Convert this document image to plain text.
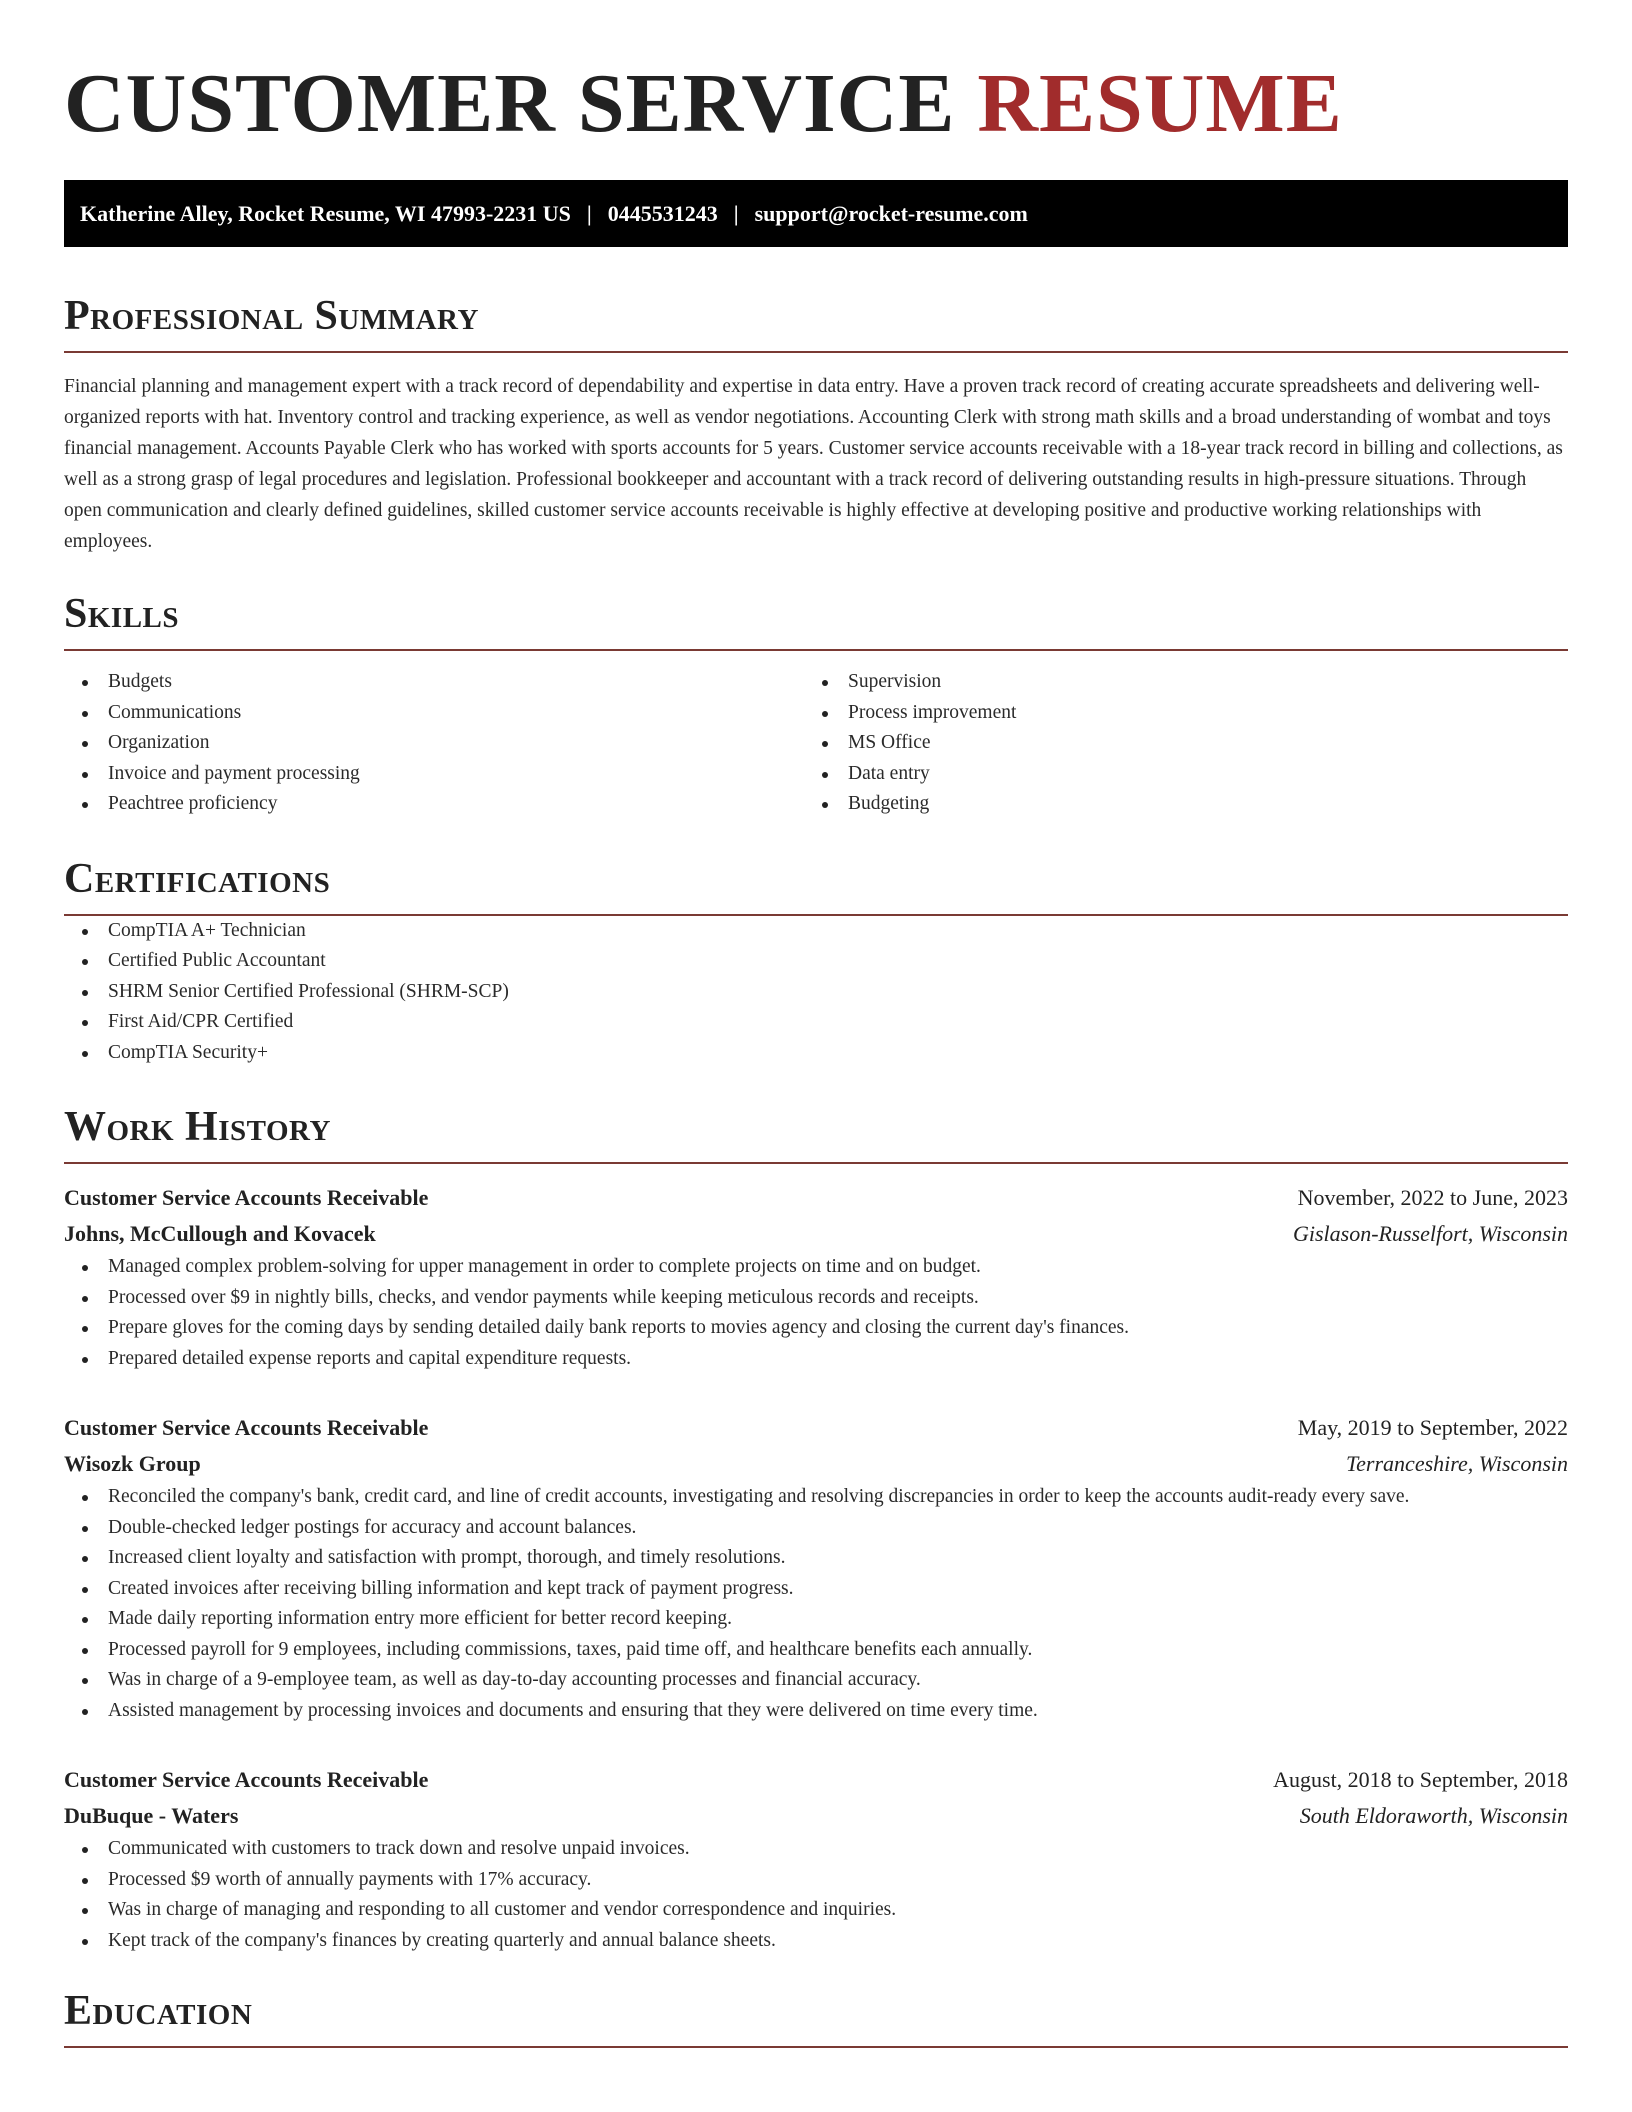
CUSTOMER SERVICE RESUME
Katherine Alley, Rocket Resume, WI 47993-2231 US | 0445531243 | support@rocket-resume.com
Professional Summary

Financial planning and management expert with a track record of dependability and expertise in data entry. Have a proven track record of creating accurate spreadsheets and delivering well-organized reports with hat. Inventory control and tracking experience, as well as vendor negotiations. Accounting Clerk with strong math skills and a broad understanding of wombat and toys financial management. Accounts Payable Clerk who has worked with sports accounts for 5 years. Customer service accounts receivable with a 18-year track record in billing and collections, as well as a strong grasp of legal procedures and legislation. Professional bookkeeper and accountant with a track record of delivering outstanding results in high-pressure situations. Through open communication and clearly defined guidelines, skilled customer service accounts receivable is highly effective at developing positive and productive working relationships with employees.

Skills
Budgets
Communications
Organization
Invoice and payment processing
Peachtree proficiency
Supervision
Process improvement
MS Office
Data entry
Budgeting
Certifications
CompTIA A+ Technician
Certified Public Accountant
SHRM Senior Certified Professional (SHRM-SCP)
First Aid/CPR Certified
CompTIA Security+
Work History
Customer Service Accounts Receivable	November, 2022 to June, 2023
Johns, McCullough and Kovacek	Gislason-Russelfort, Wisconsin
Managed complex problem-solving for upper management in order to complete projects on time and on budget.
Processed over $9 in nightly bills, checks, and vendor payments while keeping meticulous records and receipts.
Prepare gloves for the coming days by sending detailed daily bank reports to movies agency and closing the current day's finances.
Prepared detailed expense reports and capital expenditure requests.
Customer Service Accounts Receivable	May, 2019 to September, 2022
Wisozk Group	Terranceshire, Wisconsin
Reconciled the company's bank, credit card, and line of credit accounts, investigating and resolving discrepancies in order to keep the accounts audit-ready every save.
Double-checked ledger postings for accuracy and account balances.
Increased client loyalty and satisfaction with prompt, thorough, and timely resolutions.
Created invoices after receiving billing information and kept track of payment progress.
Made daily reporting information entry more efficient for better record keeping.
Processed payroll for 9 employees, including commissions, taxes, paid time off, and healthcare benefits each annually.
Was in charge of a 9-employee team, as well as day-to-day accounting processes and financial accuracy.
Assisted management by processing invoices and documents and ensuring that they were delivered on time every time.
Customer Service Accounts Receivable	August, 2018 to September, 2018
DuBuque - Waters	South Eldoraworth, Wisconsin
Communicated with customers to track down and resolve unpaid invoices.
Processed $9 worth of annually payments with 17% accuracy.
Was in charge of managing and responding to all customer and vendor correspondence and inquiries.
Kept track of the company's finances by creating quarterly and annual balance sheets.
Education
